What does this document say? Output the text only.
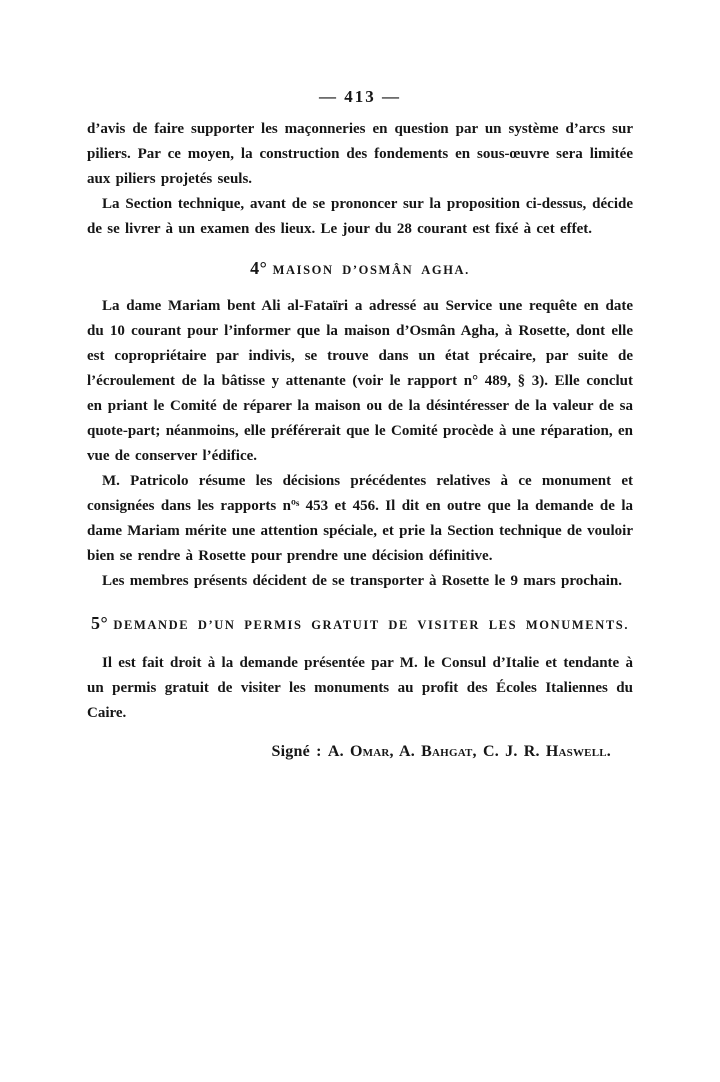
— 413 —

d’avis de faire supporter les maçonneries en question par un système d’arcs sur piliers. Par ce moyen, la construction des fondements en sous-œuvre sera limitée aux piliers projetés seuls.

La Section technique, avant de se prononcer sur la proposition ci-dessus, décide de se livrer à un examen des lieux. Le jour du 28 courant est fixé à cet effet.

4° MAISON D’OSMÂN AGHA.

La dame Mariam bent Ali al-Fataïri a adressé au Service une requête en date du 10 courant pour l’informer que la maison d’Osmân Agha, à Rosette, dont elle est copropriétaire par indivis, se trouve dans un état précaire, par suite de l’écroulement de la bâtisse y attenante (voir le rapport n° 489, § 3). Elle conclut en priant le Comité de réparer la maison ou de la désintéresser de la valeur de sa quote-part; néanmoins, elle préférerait que le Comité procède à une réparation, en vue de conserver l’édifice.

M. Patricolo résume les décisions précédentes relatives à ce monument et consignées dans les rapports nºˢ 453 et 456. Il dit en outre que la demande de la dame Mariam mérite une attention spéciale, et prie la Section technique de vouloir bien se rendre à Rosette pour prendre une décision définitive.

Les membres présents décident de se transporter à Rosette le 9 mars prochain.

5° DEMANDE D’UN PERMIS GRATUIT DE VISITER LES MONUMENTS.

Il est fait droit à la demande présentée par M. le Consul d’Italie et tendante à un permis gratuit de visiter les monuments au profit des Écoles Italiennes du Caire.

Signé : A. Omar, A. Bahgat, C. J. R. Haswell.
